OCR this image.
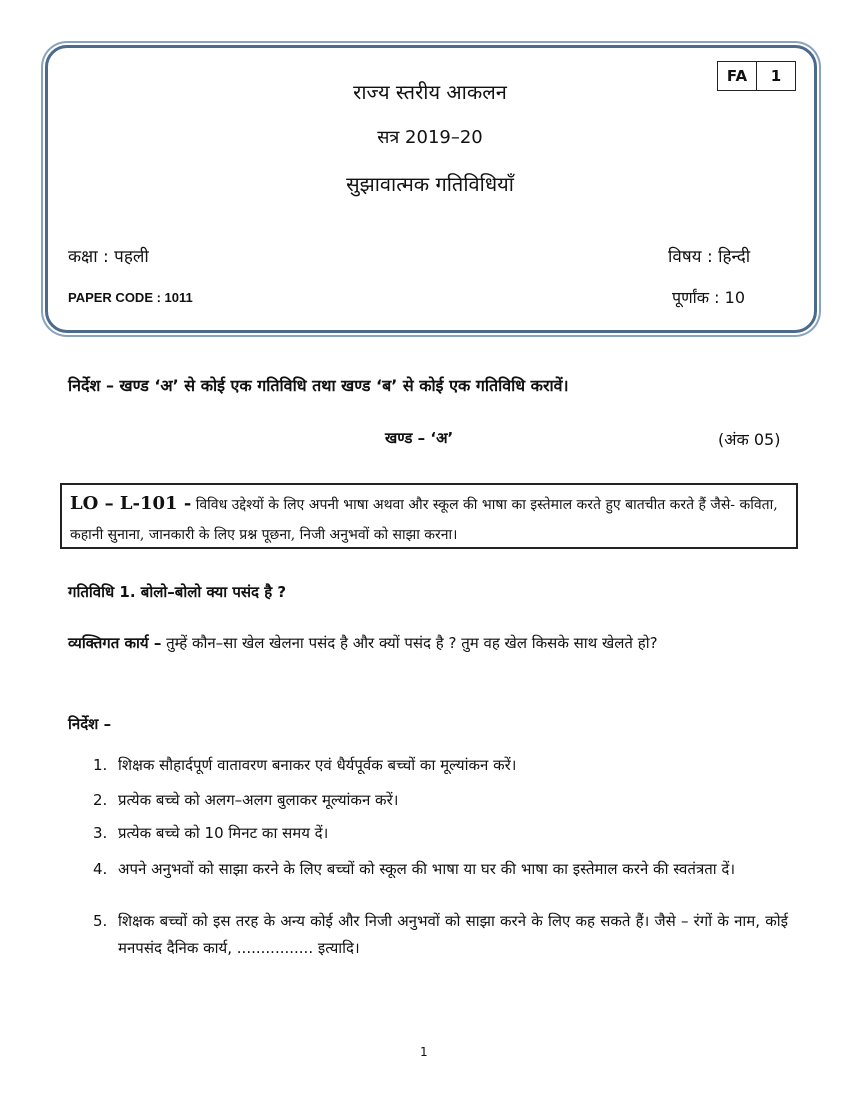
FA	1
राज्य स्तरीय आकलन
सत्र 2019–20
सुझावात्मक गतिविधियाँ
कक्षा : पहली	विषय : हिन्दी
PAPER CODE : 1011	पूर्णांक : 10
निर्देश – खण्ड ‘अ’ से कोई एक गतिविधि तथा खण्ड ‘ब’ से कोई एक गतिविधि करावें।
खण्ड – ‘अ’	(अंक 05)
LO – L-101 - विविध उद्देश्यों के लिए अपनी भाषा अथवा और स्कूल की भाषा का इस्तेमाल करते हुए बातचीत करते हैं जैसे- कविता, कहानी सुनाना, जानकारी के लिए प्रश्न पूछना, निजी अनुभवों को साझा करना।
गतिविधि 1. बोलो–बोलो क्या पसंद है ?
व्यक्तिगत कार्य – तुम्हें कौन–सा खेल खेलना पसंद है और क्यों पसंद है ? तुम वह खेल किसके साथ खेलते हो?
निर्देश –
1. शिक्षक सौहार्दपूर्ण वातावरण बनाकर एवं धैर्यपूर्वक बच्चों का मूल्यांकन करें।
2. प्रत्येक बच्चे को अलग–अलग बुलाकर मूल्यांकन करें।
3. प्रत्येक बच्चे को 10 मिनट का समय दें।
4. अपने अनुभवों को साझा करने के लिए बच्चों को स्कूल की भाषा या घर की भाषा का इस्तेमाल करने की स्वतंत्रता दें।
5. शिक्षक बच्चों को इस तरह के अन्य कोई और निजी अनुभवों को साझा करने के लिए कह सकते हैं। जैसे – रंगों के नाम, कोई मनपसंद दैनिक कार्य, ................ इत्यादि।
1
